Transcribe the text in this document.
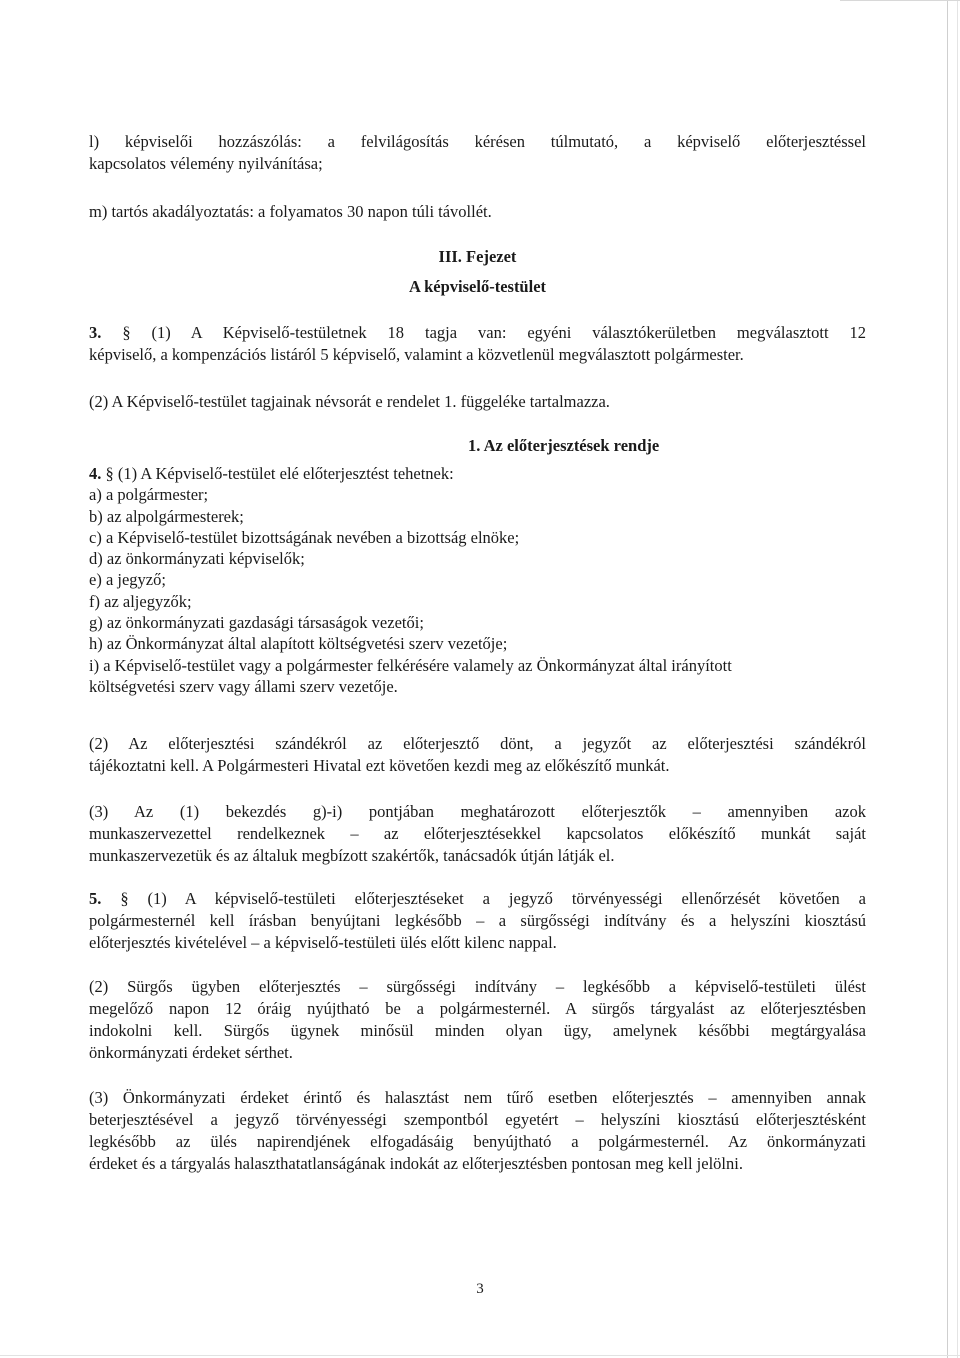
l) képviselői hozzászólás: a felvilágosítás kérésen túlmutató, a képviselő előterjesztéssel
kapcsolatos vélemény nyilvánítása;
m) tartós akadályoztatás: a folyamatos 30 napon túli távollét.
III. Fejezet
A képviselő-testület
3. § (1) A Képviselő-testületnek 18 tagja van: egyéni választókerületben megválasztott 12
képviselő, a kompenzációs listáról 5 képviselő, valamint a közvetlenül megválasztott polgármester.
(2) A Képviselő-testület tagjainak névsorát e rendelet 1. függeléke tartalmazza.
1. Az előterjesztések rendje
4. § (1) A Képviselő-testület elé előterjesztést tehetnek:
a) a polgármester;
b) az alpolgármesterek;
c) a Képviselő-testület bizottságának nevében a bizottság elnöke;
d) az önkormányzati képviselők;
e) a jegyző;
f) az aljegyzők;
g) az önkormányzati gazdasági társaságok vezetői;
h) az Önkormányzat által alapított költségvetési szerv vezetője;
i) a Képviselő-testület vagy a polgármester felkérésére valamely az Önkormányzat által irányított
költségvetési szerv vagy állami szerv vezetője.
(2) Az előterjesztési szándékról az előterjesztő dönt, a jegyzőt az előterjesztési szándékról
tájékoztatni kell. A Polgármesteri Hivatal ezt követően kezdi meg az előkészítő munkát.
(3) Az (1) bekezdés g)-i) pontjában meghatározott előterjesztők – amennyiben azok
munkaszervezettel rendelkeznek – az előterjesztésekkel kapcsolatos előkészítő munkát saját
munkaszervezetük és az általuk megbízott szakértők, tanácsadók útján látják el.
5. § (1) A képviselő-testületi előterjesztéseket a jegyző törvényességi ellenőrzését követően a
polgármesternél kell írásban benyújtani legkésőbb – a sürgősségi indítvány és a helyszíni kiosztású
előterjesztés kivételével – a képviselő-testületi ülés előtt kilenc nappal.
(2) Sürgős ügyben előterjesztés – sürgősségi indítvány – legkésőbb a képviselő-testületi ülést
megelőző napon 12 óráig nyújtható be a polgármesternél. A sürgős tárgyalást az előterjesztésben
indokolni kell. Sürgős ügynek minősül minden olyan ügy, amelynek későbbi megtárgyalása
önkormányzati érdeket sérthet.
(3) Önkormányzati érdeket érintő és halasztást nem tűrő esetben előterjesztés – amennyiben annak
beterjesztésével a jegyző törvényességi szempontból egyetért – helyszíni kiosztású előterjesztésként
legkésőbb az ülés napirendjének elfogadásáig benyújtható a polgármesternél. Az önkormányzati
érdeket és a tárgyalás halaszthatatlanságának indokát az előterjesztésben pontosan meg kell jelölni.
3
